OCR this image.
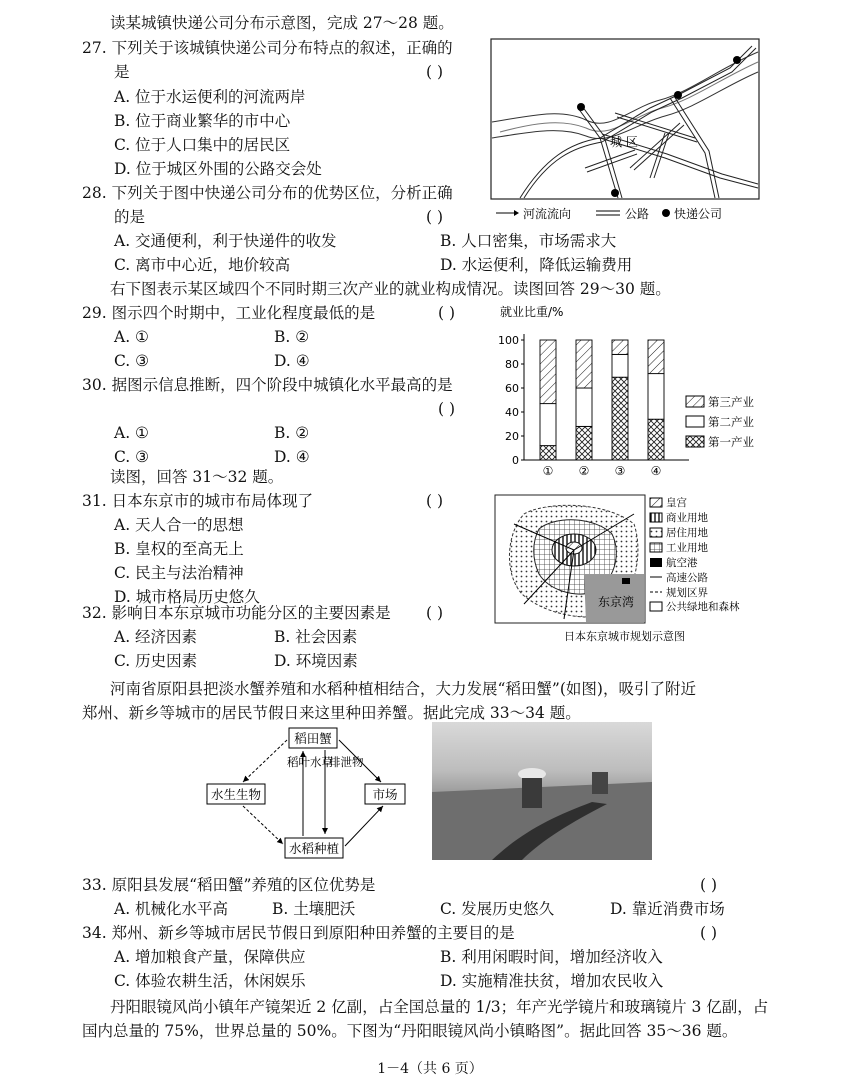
读某城镇快递公司分布示意图，完成 27～28 题。
27. 下列关于该城镇快递公司分布特点的叙述，正确的
是	( )
A. 位于水运便利的河流两岸
B. 位于商业繁华的市中心
C. 位于人口集中的居民区
D. 位于城区外围的公路交会处
28. 下列关于图中快递公司分布的优势区位，分析正确
的是	( )
A. 交通便利，利于快递件的收发	B. 人口密集，市场需求大
C. 离市中心近，地价较高	D. 水运便利，降低运输费用
城 区
河流流向	公路 快递公司
右下图表示某区域四个不同时期三次产业的就业构成情况。读图回答 29～30 题。
29. 图示四个时期中，工业化程度最低的是	( )
A. ①	B. ②
C. ③	D. ④
30. 据图示信息推断，四个阶段中城镇化水平最高的是
( )
A. ①	B. ②
C. ③	D. ④
就业比重/%
0
20
40
60
80
100
① ② ③ ④
第三产业
第二产业
第一产业
读图，回答 31～32 题。
31. 日本东京市的城市布局体现了	( )
A. 天人合一的思想
B. 皇权的至高无上
C. 民主与法治精神
D. 城市格局历史悠久
32. 影响日本东京城市功能分区的主要因素是 ( )
A. 经济因素	B. 社会因素
C. 历史因素	D. 环境因素
东京湾
皇宫
商业用地
居住用地
工业用地
航空港
高速公路
规划区界
公共绿地和森林
日本东京城市规划示意图
河南省原阳县把淡水蟹养殖和水稻种植相结合，大力发展“稻田蟹”(如图)，吸引了附近
郑州、新乡等城市的居民节假日来这里种田养蟹。据此完成 33～34 题。
稻田蟹
水稻种植
水生生物	市场
稻叶水草
排泄物
33. 原阳县发展“稻田蟹”养殖的区位优势是	( )
A. 机械化水平高	B. 土壤肥沃	C. 发展历史悠久	D. 靠近消费市场
34. 郑州、新乡等城市居民节假日到原阳种田养蟹的主要目的是	( )
A. 增加粮食产量，保障供应	B. 利用闲暇时间，增加经济收入
C. 体验农耕生活，休闲娱乐	D. 实施精准扶贫，增加农民收入
丹阳眼镜风尚小镇年产镜架近 2 亿副，占全国总量的 1/3；年产光学镜片和玻璃镜片 3 亿副，占
国内总量的 75%，世界总量的 50%。下图为“丹阳眼镜风尚小镇略图”。据此回答 35～36 题。
1－4（共 6 页）
